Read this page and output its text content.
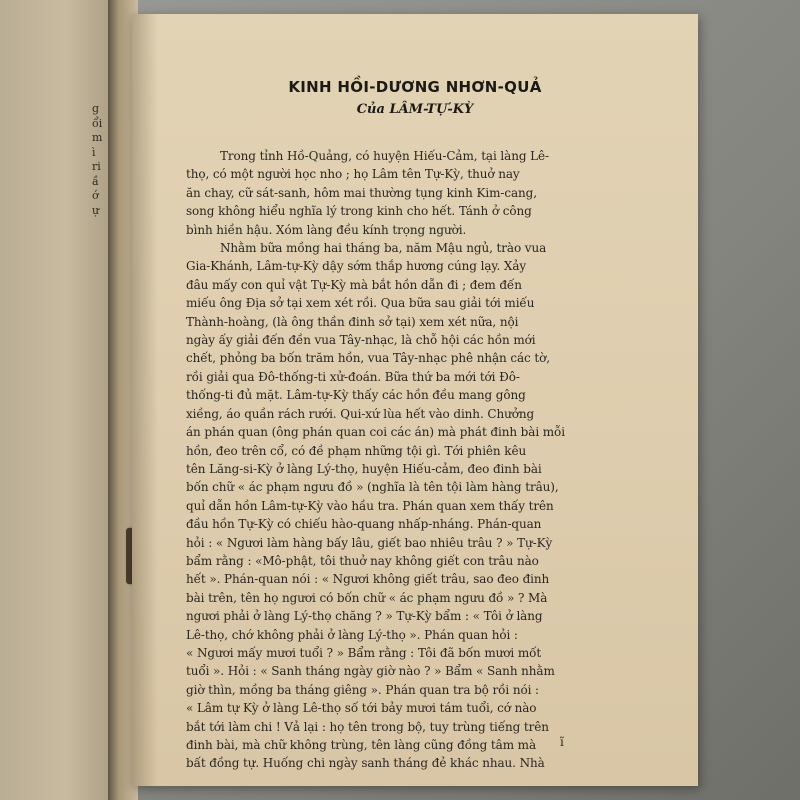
g
ổi
m
ì
ri
ầ
ớ
ự
KINH HỒI-DƯƠNG NHƠN-QUẢ
Của LÂM-TỰ-KỲ
Trong tỉnh Hồ-Quảng, có huyện Hiếu-Cảm, tại làng Lê-
thọ, có một người học nho ; họ Lâm tên Tự-Kỳ, thuở nay
ăn chay, cữ sát-sanh, hôm mai thường tụng kinh Kim-cang,
song không hiểu nghĩa lý trong kinh cho hết. Tánh ở công
bình hiền hậu. Xóm làng đều kính trọng người.
Nhằm bữa mồng hai tháng ba, năm Mậu ngủ, trào vua
Gia-Khánh, Lâm-tự-Kỳ dậy sớm thắp hương cúng lạy. Xảy
đâu mấy con quỉ vật Tự-Kỳ mà bắt hồn dẫn đi ; đem đến
miếu ông Địa sở tại xem xét rồi. Qua bữa sau giải tới miếu
Thành-hoàng, (là ông thần đinh sở tại) xem xét nữa, nội
ngày ấy giải đến đền vua Tây-nhạc, là chỗ hội các hồn mới
chết, phỏng ba bốn trăm hồn, vua Tây-nhạc phê nhận các tờ,
rồi giải qua Đô-thống-ti xử-đoán. Bữa thứ ba mới tới Đô-
thống-ti đủ mặt. Lâm-tự-Kỳ thấy các hồn đều mang gông
xiềng, áo quần rách rưới. Qui-xứ lùa hết vào dinh. Chưởng
án phán quan (ông phán quan coi các án) mà phát đinh bài mỗi
hồn, đeo trên cổ, có đề phạm những tội gì. Tới phiên kêu
tên Lăng-si-Kỳ ở làng Lý-thọ, huyện Hiếu-cảm, đeo đinh bài
bốn chữ « ác phạm ngưu đồ » (nghĩa là tên tội làm hàng trâu),
quỉ dẫn hồn Lâm-tự-Kỳ vào hầu tra. Phán quan xem thấy trên
đầu hồn Tự-Kỳ có chiếu hào-quang nhấp-nháng. Phán-quan
hỏi : « Ngươi làm hàng bấy lâu, giết bao nhiêu trâu ? » Tự-Kỳ
bẩm rằng : «Mô-phật, tôi thuở nay không giết con trâu nào
hết ». Phán-quan nói : « Ngươi không giết trâu, sao đeo đinh
bài trên, tên họ ngươi có bốn chữ « ác phạm ngưu đồ » ? Mà
ngươi phải ở làng Lý-thọ chăng ? » Tự-Kỳ bẩm : « Tôi ở làng
Lê-thọ, chớ không phải ở làng Lý-thọ ». Phán quan hỏi :
« Ngươi mấy mươi tuổi ? » Bẩm rằng : Tôi đã bốn mươi mốt
tuổi ». Hỏi : « Sanh tháng ngày giờ nào ? » Bẩm « Sanh nhằm
giờ thìn, mồng ba tháng giêng ». Phán quan tra bộ rồi nói :
« Lâm tự Kỳ ở làng Lê-thọ số tới bảy mươi tám tuổi, cớ nào
bắt tới làm chi ! Vả lại : họ tên trong bộ, tuy trùng tiếng trên
đinh bài, mà chữ không trùng, tên làng cũng đồng tâm mà
bất đồng tự. Huống chi ngày sanh tháng đẻ khác nhau. Nhà
ĩ
